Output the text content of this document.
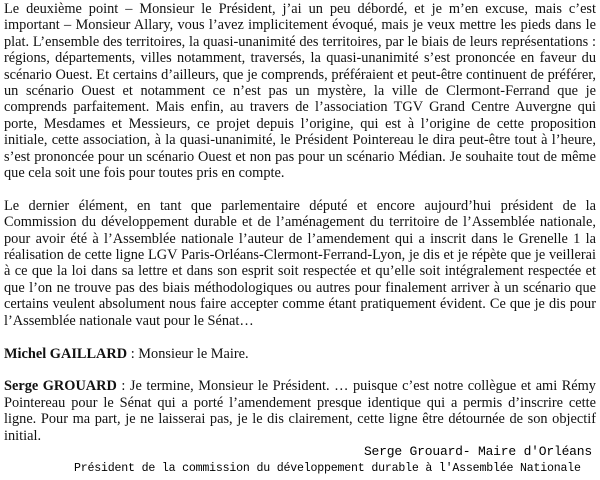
Le deuxième point – Monsieur le Président, j’ai un peu débordé, et je m’en excuse, mais c’est important – Monsieur Allary, vous l’avez implicitement évoqué, mais je veux mettre les pieds dans le plat. L’ensemble des territoires, la quasi-unanimité des territoires, par le biais de leurs représentations : régions, départements, villes notamment, traversés, la quasi-unanimité s’est prononcée en faveur du scénario Ouest. Et certains d’ailleurs, que je comprends, préféraient et peut-être continuent de préférer, un scénario Ouest et notamment ce n’est pas un mystère, la ville de Clermont-Ferrand que je comprends parfaitement. Mais enfin, au travers de l’association TGV Grand Centre Auvergne qui porte, Mesdames et Messieurs, ce projet depuis l’origine, qui est à l’origine de cette proposition initiale, cette association, à la quasi-unanimité, le Président Pointereau le dira peut-être tout à l’heure, s’est prononcée pour un scénario Ouest et non pas pour un scénario Médian. Je souhaite tout de même que cela soit une fois pour toutes pris en compte.

Le dernier élément, en tant que parlementaire député et encore aujourd’hui président de la Commission du développement durable et de l’aménagement du territoire de l’Assemblée nationale, pour avoir été à l’Assemblée nationale l’auteur de l’amendement qui a inscrit dans le Grenelle 1 la réalisation de cette ligne LGV Paris-Orléans-Clermont-Ferrand-Lyon, je dis et je répète que je veillerai à ce que la loi dans sa lettre et dans son esprit soit respectée et qu’elle soit intégralement respectée et que l’on ne trouve pas des biais méthodologiques ou autres pour finalement arriver à un scénario que certains veulent absolument nous faire accepter comme étant pratiquement évident. Ce que je dis pour l’Assemblée nationale vaut pour le Sénat…

Michel GAILLARD : Monsieur le Maire.

Serge GROUARD : Je termine, Monsieur le Président. … puisque c’est notre collègue et ami Rémy Pointereau pour le Sénat qui a porté l’amendement presque identique qui a permis d’inscrire cette ligne. Pour ma part, je ne laisserai pas, je le dis clairement, cette ligne être détournée de son objectif initial.

Serge Grouard- Maire d'Orléans
Président de la commission du développement durable à l'Assemblée Nationale
